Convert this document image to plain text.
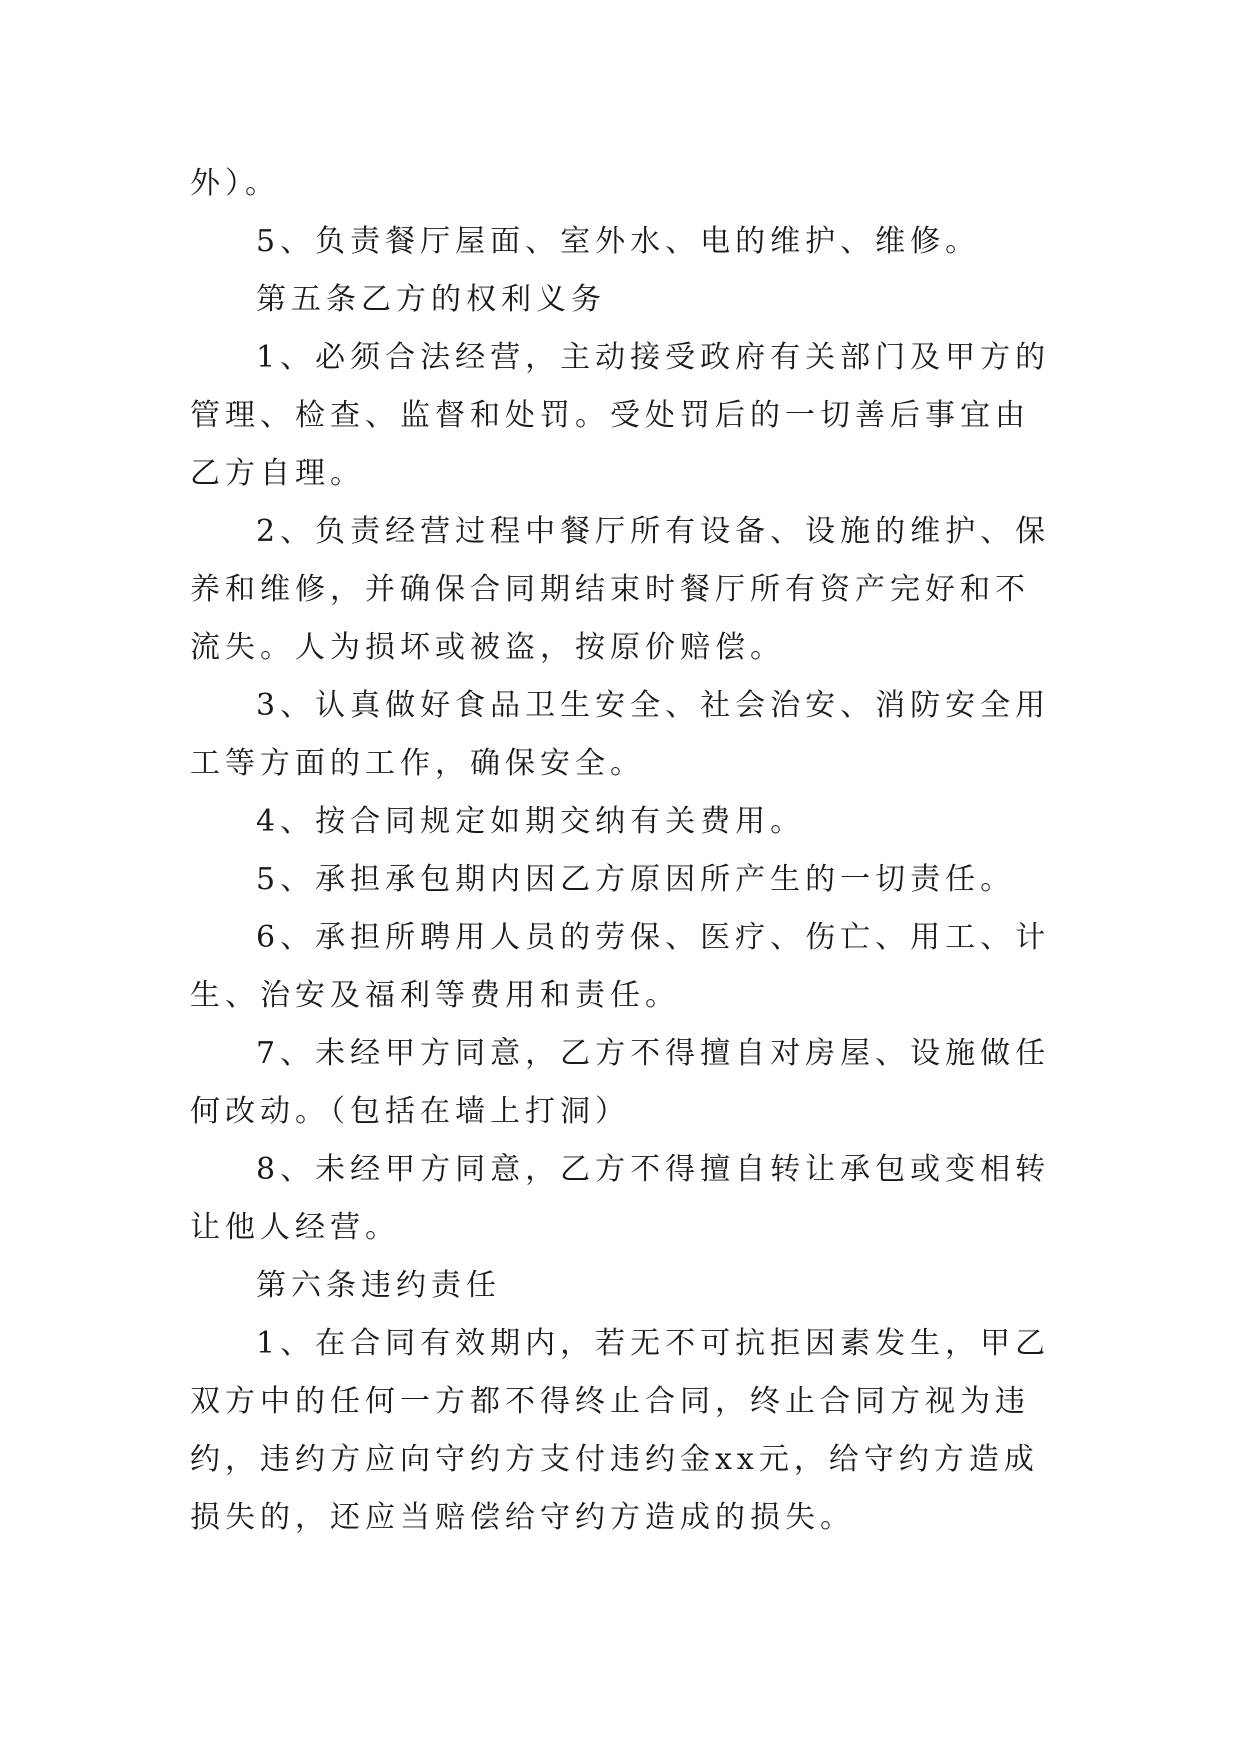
外）。

5、负责餐厅屋面、室外水、电的维护、维修。

第五条乙方的权利义务

1、必须合法经营，主动接受政府有关部门及甲方的管理、检查、监督和处罚。受处罚后的一切善后事宜由乙方自理。

2、负责经营过程中餐厅所有设备、设施的维护、保养和维修，并确保合同期结束时餐厅所有资产完好和不流失。人为损坏或被盗，按原价赔偿。

3、认真做好食品卫生安全、社会治安、消防安全用工等方面的工作，确保安全。

4、按合同规定如期交纳有关费用。

5、承担承包期内因乙方原因所产生的一切责任。

6、承担所聘用人员的劳保、医疗、伤亡、用工、计生、治安及福利等费用和责任。

7、未经甲方同意，乙方不得擅自对房屋、设施做任何改动。（包括在墙上打洞）

8、未经甲方同意，乙方不得擅自转让承包或变相转让他人经营。

第六条违约责任

1、在合同有效期内，若无不可抗拒因素发生，甲乙双方中的任何一方都不得终止合同，终止合同方视为违约，违约方应向守约方支付违约金xx元，给守约方造成损失的，还应当赔偿给守约方造成的损失。
